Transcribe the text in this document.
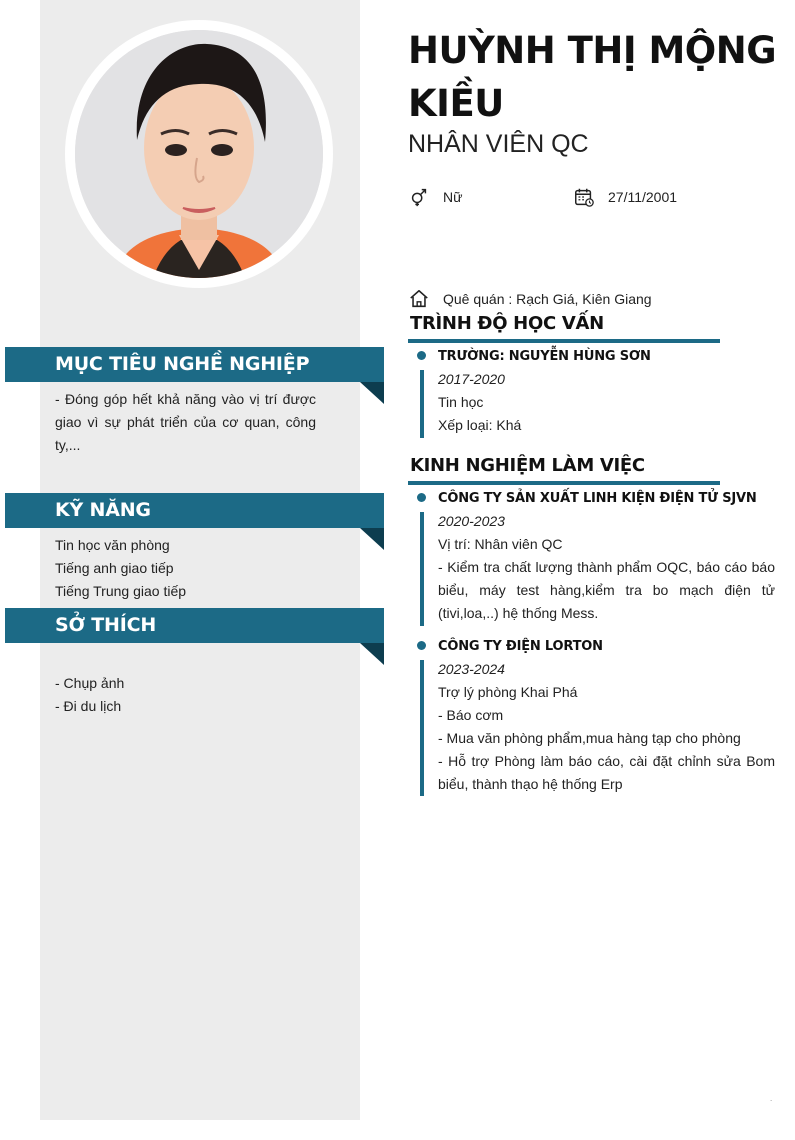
MỤC TIÊU NGHỀ NGHIỆP
- Đóng góp hết khả năng vào vị trí được giao vì sự phát triển của cơ quan, công ty,...
KỸ NĂNG
Tin học văn phòng
Tiếng anh giao tiếp
Tiếng Trung giao tiếp
SỞ THÍCH
- Chụp ảnh
- Đi du lịch
HUỲNH THỊ MỘNG KIỀU
NHÂN VIÊN QC
Nữ	27/11/2001
Quê quán : Rạch Giá, Kiên Giang
TRÌNH ĐỘ HỌC VẤN
TRƯỜNG: NGUYỄN HÙNG SƠN
2017-2020
Tin học
Xếp loại: Khá
KINH NGHIỆM LÀM VIỆC
CÔNG TY SẢN XUẤT LINH KIỆN ĐIỆN TỬ SJVN
2020-2023
Vị trí: Nhân viên QC
- Kiểm tra chất lượng thành phẩm OQC, báo cáo báo biểu, máy test hàng,kiểm tra bo mạch điện tử (tivi,loa,..) hệ thống Mess.
CÔNG TY ĐIỆN LORTON
2023-2024
Trợ lý phòng Khai Phá
- Báo cơm
- Mua văn phòng phẩm,mua hàng tạp cho phòng
- Hỗ trợ Phòng làm báo cáo, cài đặt chỉnh sửa Bom biểu, thành thạo hệ thống Erp
.
